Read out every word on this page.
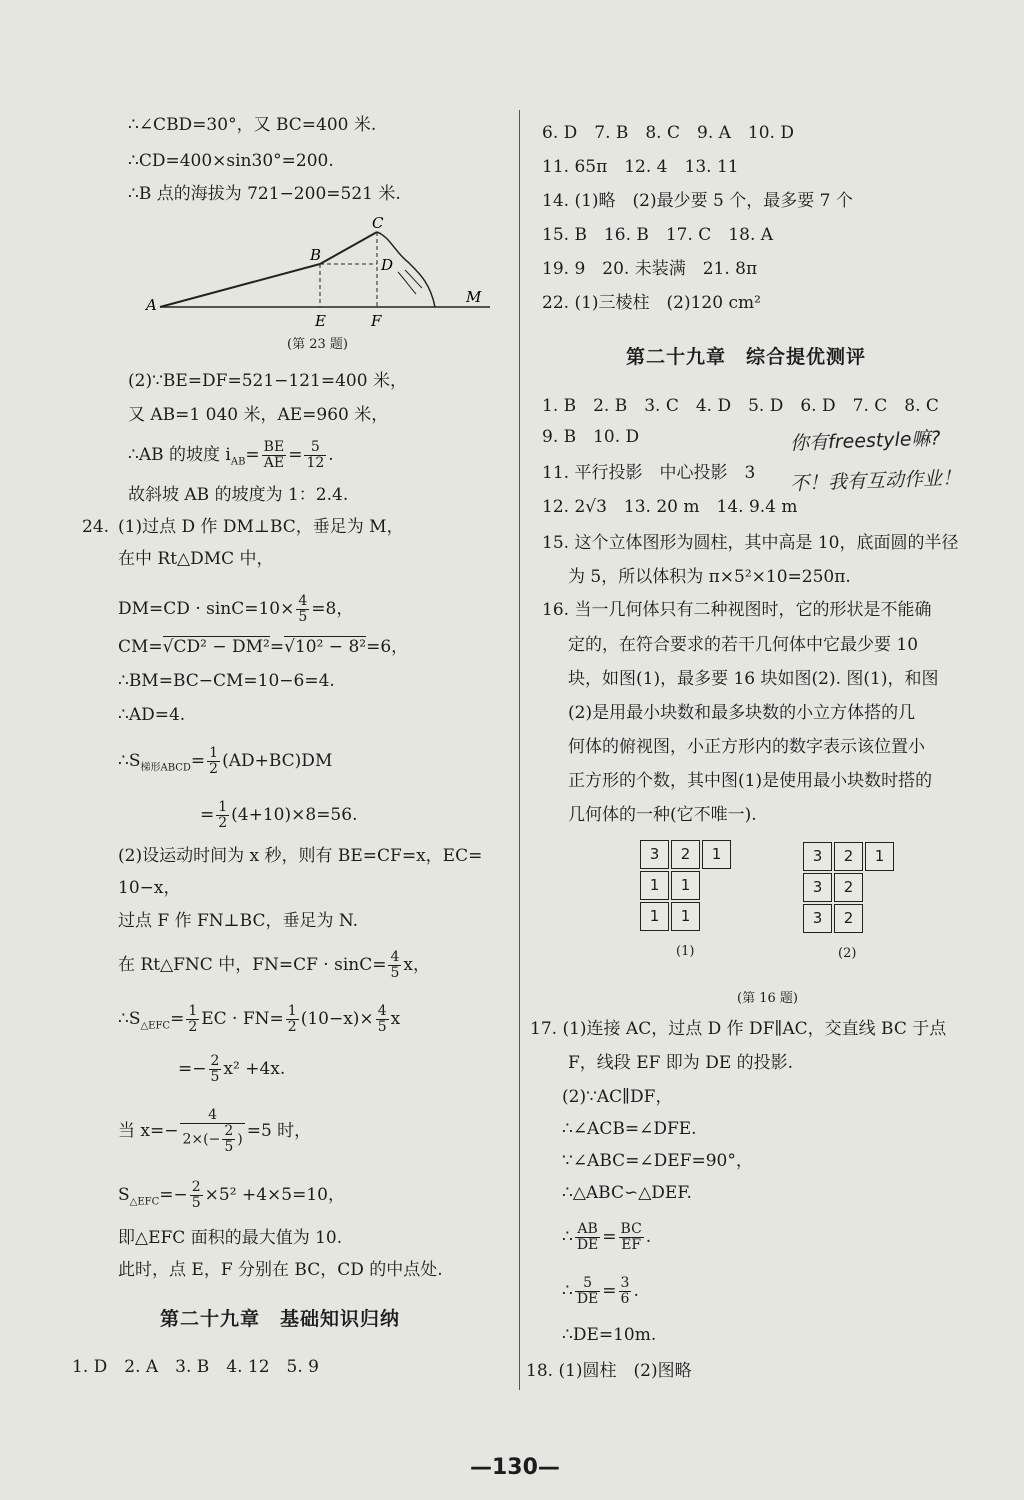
∴∠CBD=30°，又 BC=400 米.
∴CD=400×sin30°=200.
∴B 点的海拔为 721−200=521 米.
A
B
C
D
E	F
M
(第 23 题)
(2)∵BE=DF=521−121=400 米，
又 AB=1 040 米，AE=960 米，
∴AB 的坡度 $i_{AB}= \frac{BE}{AE} = \frac{5}{12}$ .
故斜坡 AB 的坡度为 1：2.4.
24. (1)过点 D 作 DM⊥BC，垂足为 M，
在中 Rt△DMC 中，
$DM=CD \cdot \sin C=10\times \frac{4}{5} =8$，
CM=√CD² − DM²=√10² − 8²=6，
∴BM=BC−CM=10−6=4.
∴AD=4.
$\therefore S_{梯形ABCD}= \frac{1}{2} (AD+BC)DM$
= $\frac{1}{2} (4+10)\times 8=56$.
(2)设运动时间为 x 秒，则有 BE=CF=x，EC=
10−x，
过点 F 作 FN⊥BC，垂足为 N.
在 Rt△FNC 中，$FN=CF \cdot \sin C= \frac{4}{5}$ x，
$\therefore S_{\triangle EFC}= \frac{1}{2}$ EC · $FN= \frac{1}{2} (10-x)\times \frac{4}{5}$ x
=− $\frac{2}{5} x^2 +4x$.
当 $x=- \frac{4}{2\times(- \frac{2}{5} )} =5$ 时，
$S_{\triangle EFC}=- \frac{2}{5} \times 5^2 +4\times 5=10$，
即△EFC 面积的最大值为 10.
此时，点 E，F 分别在 BC，CD 的中点处.
第二十九章　基础知识归纳
1. D　2. A　3. B　4. 12　5. 9
6. D　7. B　8. C　9. A　10. D
11. 65π　12. 4　13. 11
14. (1)略　(2)最少要 5 个，最多要 7 个
15. B　16. B　17. C　18. A
19. 9　20. 未装满　21. 8π
22. (1)三棱柱　(2)120 cm²
第二十九章　综合提优测评
1. B　2. B　3. C　4. D　5. D　6. D　7. C　8. C
9. B　10. D
11. 平行投影　中心投影　3
12. 2√3　13. 20 m　14. 9.4 m
15. 这个立体图形为圆柱，其中高是 10，底面圆的半径
为 5，所以体积为 π×5²×10=250π.
16. 当一几何体只有二种视图时，它的形状是不能确
定的，在符合要求的若干几何体中它最少要 10
块，如图(1)，最多要 16 块如图(2). 图(1)，和图
(2)是用最小块数和最多块数的小立方体搭的几
何体的俯视图，小正方形内的数字表示该位置小
正方形的个数，其中图(1)是使用最小块数时搭的
几何体的一种(它不唯一).
你有freestyle嘛?
不！我有互动作业！
3	2	1
1	1
1	1
(1)
3	2	1
3	2
3	2
(2)
(第 16 题)
17. (1)连接 AC，过点 D 作 DF∥AC，交直线 BC 于点
F，线段 EF 即为 DE 的投影.
(2)∵AC∥DF，
∴∠ACB=∠DFE.
∵∠ABC=∠DEF=90°，
∴△ABC∽△DEF.
∴ $\frac{AB}{DE} = \frac{BC}{EF}$ .
∴ $\frac{5}{DE} = \frac{3}{6}$ .
∴DE=10m.
18. (1)圆柱　(2)图略
—130—
